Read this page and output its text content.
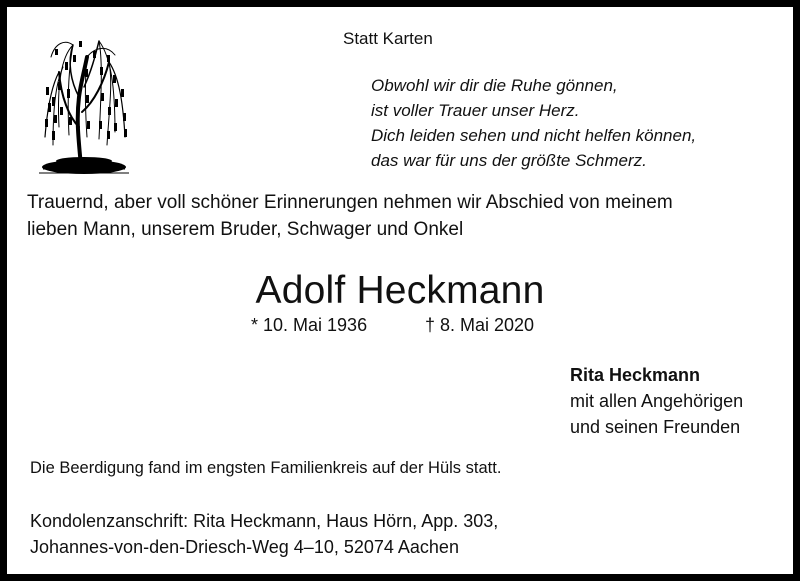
Statt Karten
Obwohl wir dir die Ruhe gönnen,
ist voller Trauer unser Herz.
Dich leiden sehen und nicht helfen können,
das war für uns der größte Schmerz.
Trauernd, aber voll schöner Erinnerungen nehmen wir Abschied von meinem
lieben Mann, unserem Bruder, Schwager und Onkel
Adolf Heckmann
* 10. Mai 1936	† 8. Mai 2020
Rita Heckmann
mit allen Angehörigen
und seinen Freunden
Die Beerdigung fand im engsten Familienkreis auf der Hüls statt.
Kondolenzanschrift: Rita Heckmann, Haus Hörn, App. 303,
Johannes-von-den-Driesch-Weg 4–10, 52074 Aachen
